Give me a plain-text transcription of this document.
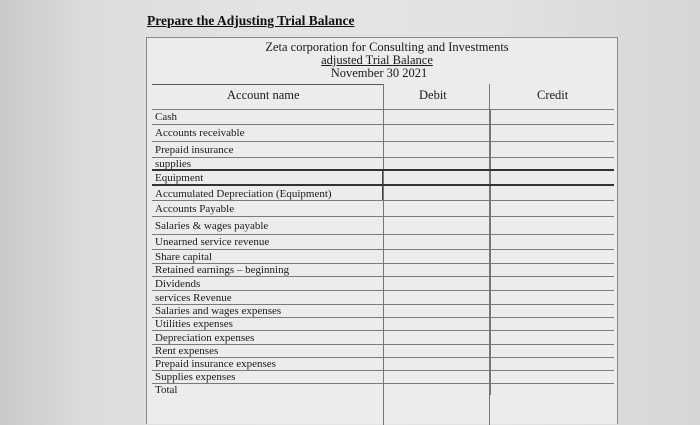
Prepare the Adjusting Trial Balance
Zeta corporation for Consulting and Investments
adjusted Trial Balance
November 30 2021
Account name	Debit	Credit
Cash
Accounts receivable
Prepaid insurance
supplies
Equipment
Accumulated Depreciation (Equipment)
Accounts Payable
Salaries & wages payable
Unearned service revenue
Share capital
Retained earnings – beginning
Dividends
services Revenue
Salaries and wages expenses
Utilities expenses
Depreciation expenses
Rent expenses
Prepaid insurance expenses
Supplies expenses
Total
